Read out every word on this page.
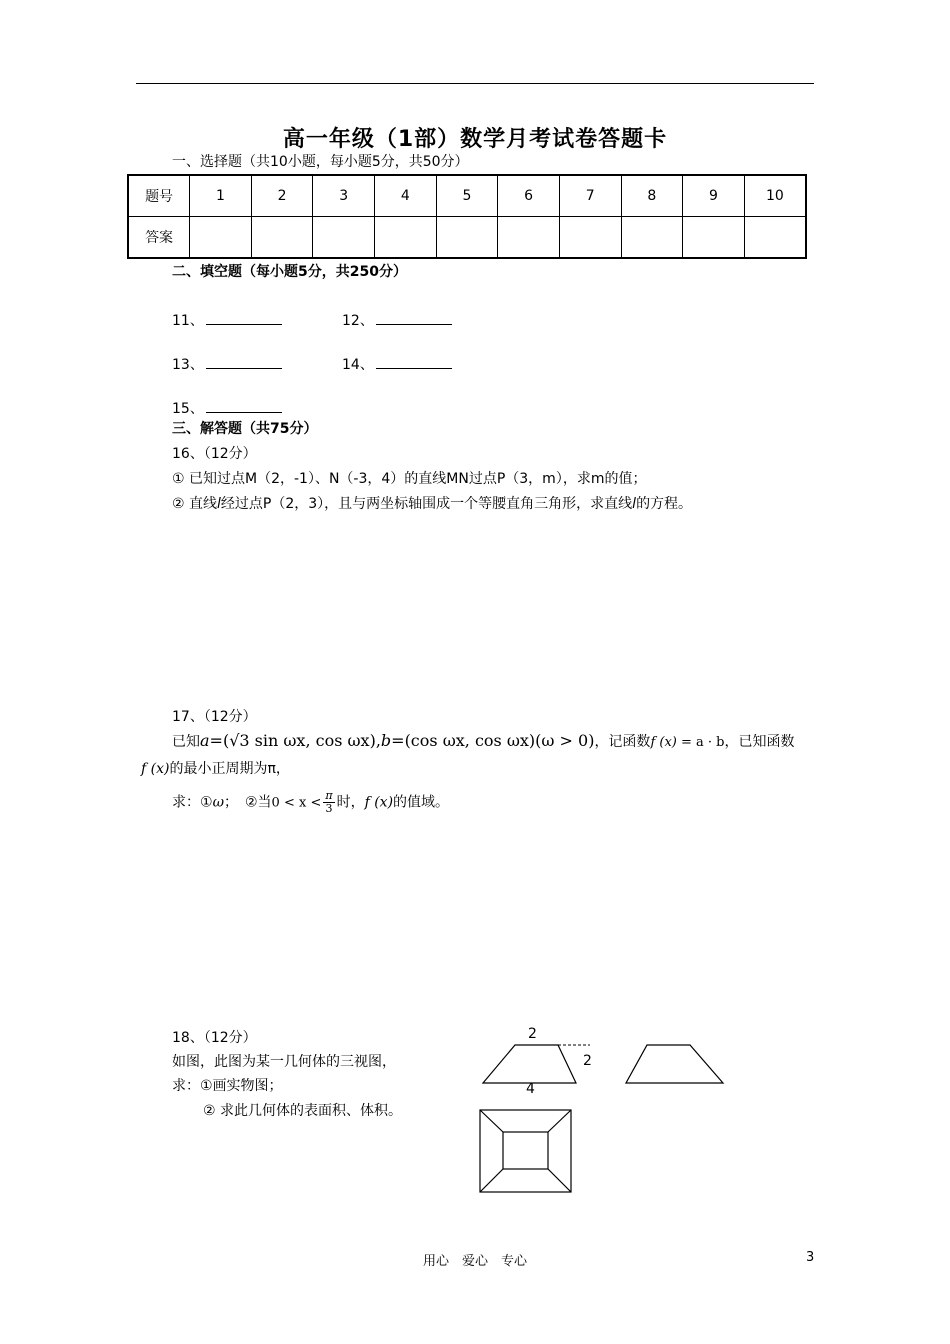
高一年级（1部）数学月考试卷答题卡
一、选择题（共10小题，每小题5分，共50分）
题号	1	2	3	4	5	6	7	8	9	10
答案										
二、填空题（每小题5分，共250分）
11、	12、
13、	14、
15、
三、解答题（共75分）
16、（12分）
① 已知过点M（2，-1）、N（-3，4）的直线MN过点P（3，m），求m的值；
② 直线l经过点P（2，3），且与两坐标轴围成一个等腰直角三角形，求直线l的方程。
17、（12分）
已知a=(√3 sin ωx, cos ωx),b=(cos ωx, cos ωx)(ω > 0)，记函数f (x) = a · b，已知函数
f (x)的最小正周期为π，
求：①ω；　②当$0 < x < \frac{\pi}{3}$ 时，f (x)的值域。
18、（12分）
如图，此图为某一几何体的三视图，
求：①画实物图；
② 求此几何体的表面积、体积。
2
2
4
用心　爱心　专心	3
